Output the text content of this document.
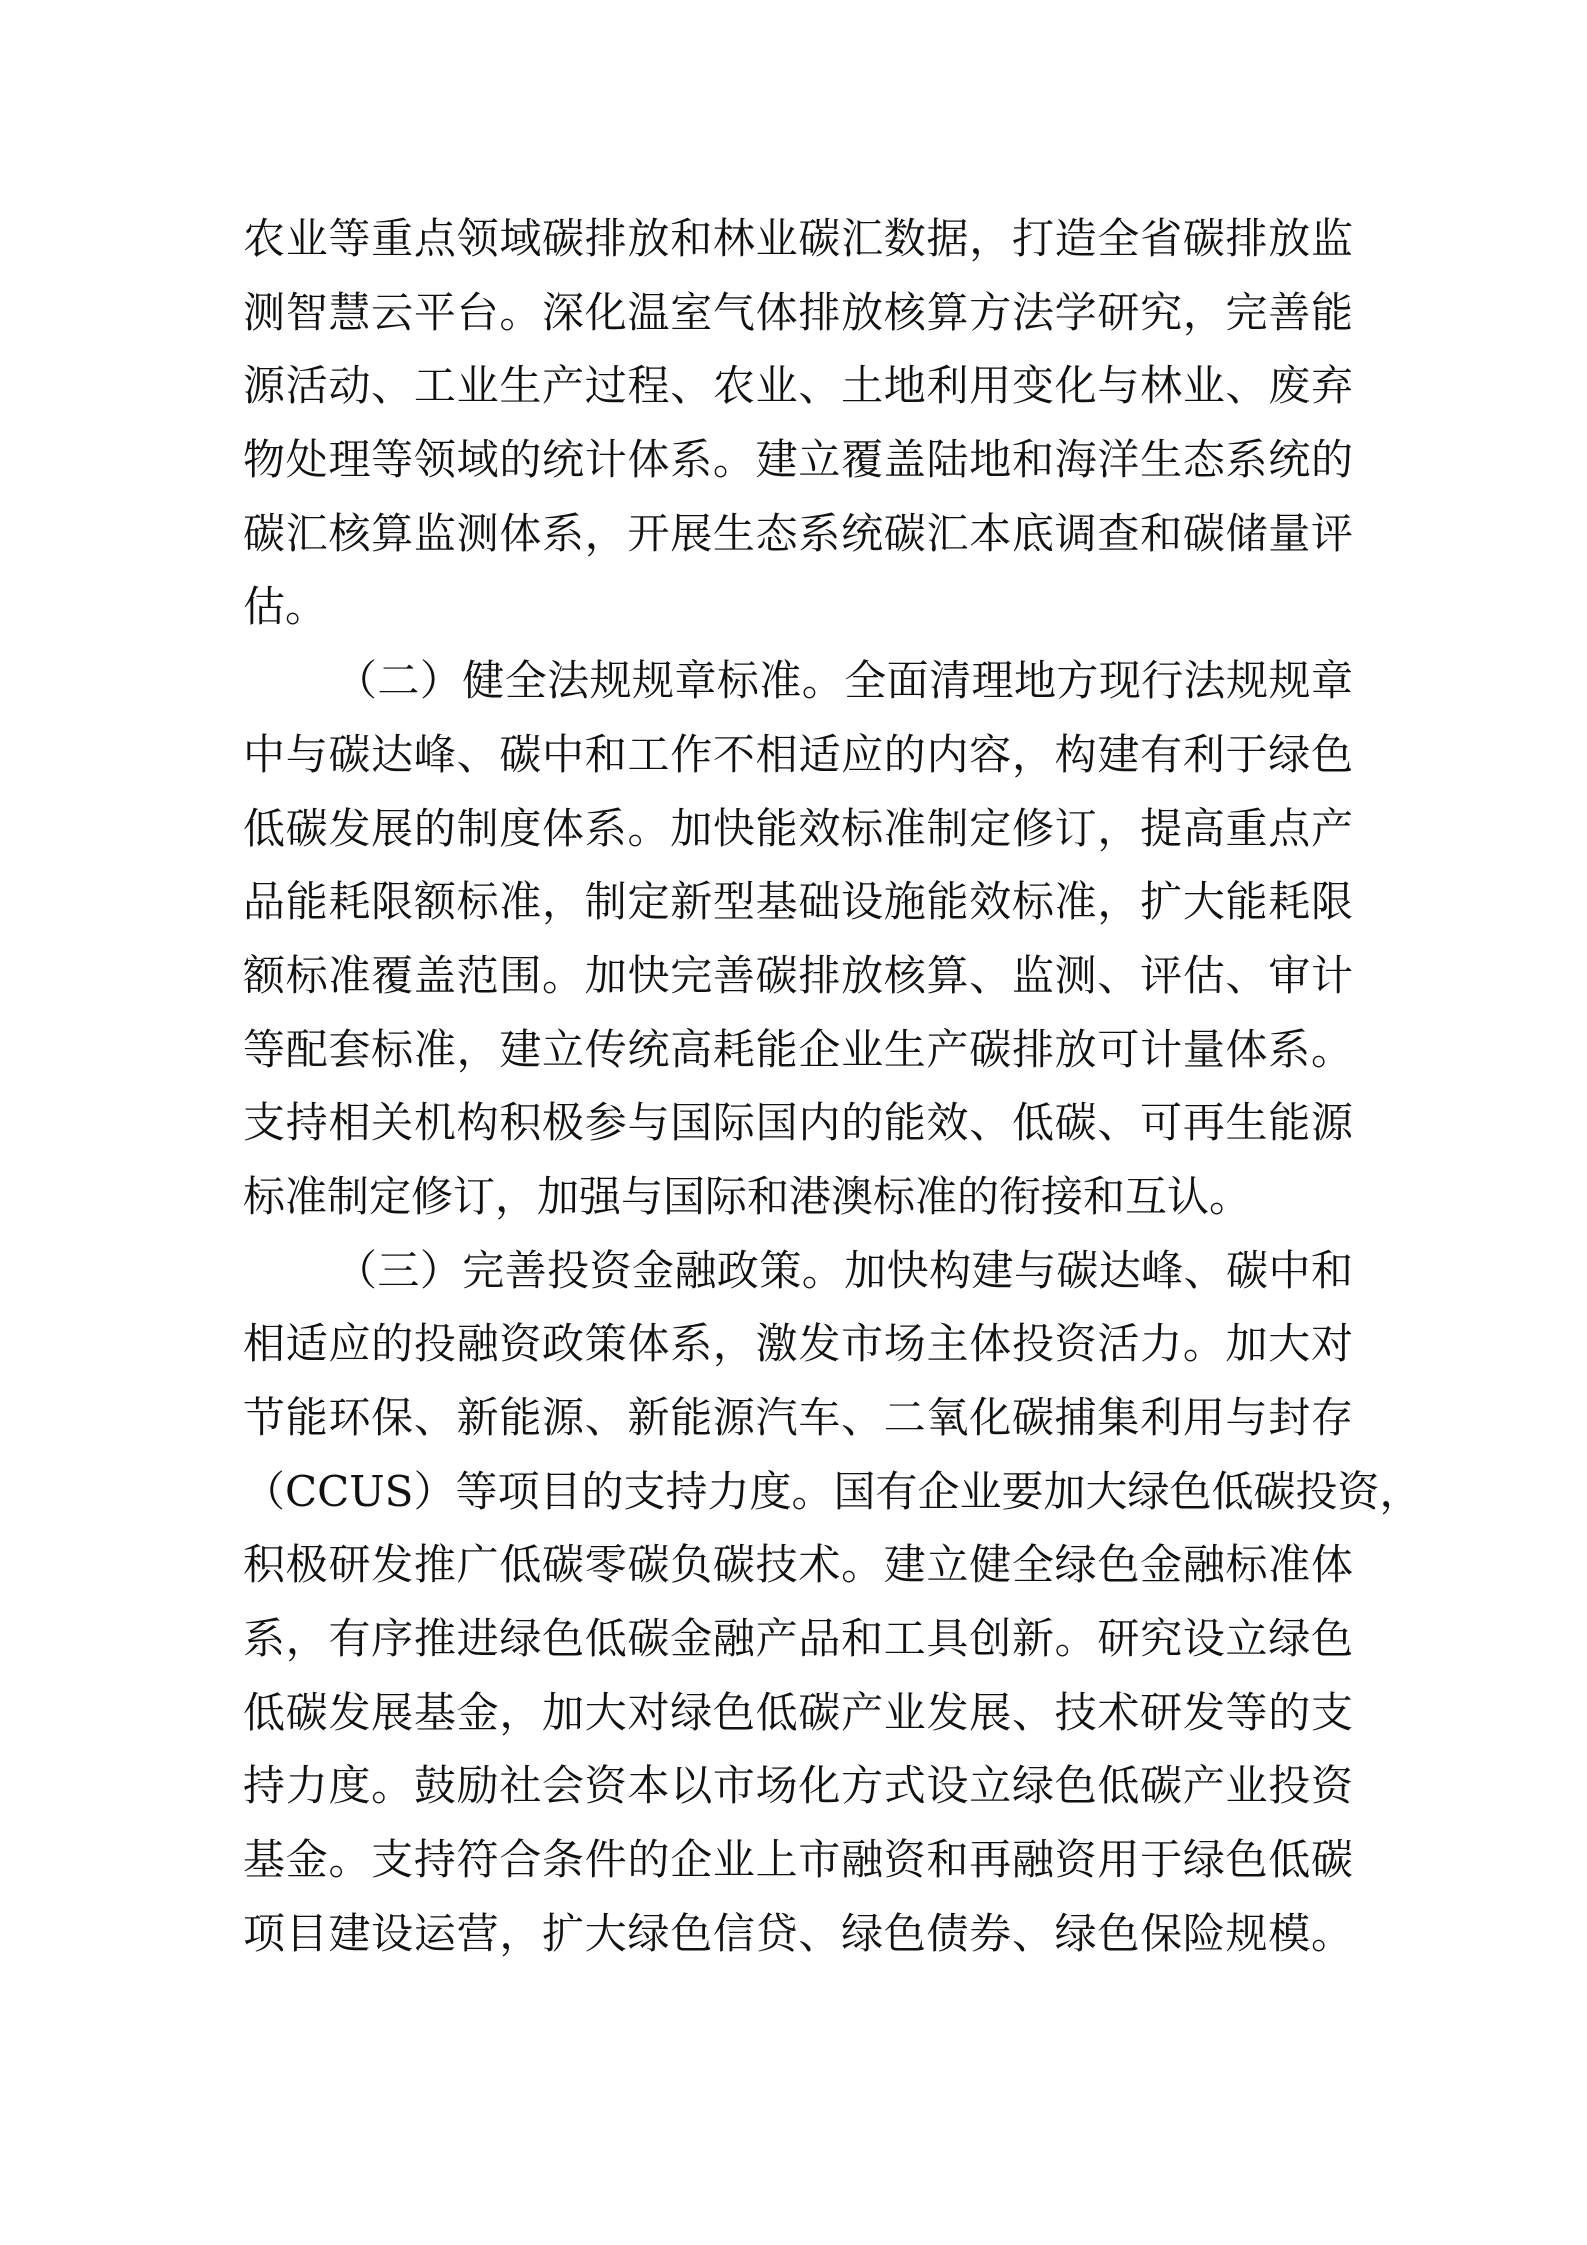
农业等重点领域碳排放和林业碳汇数据，打造全省碳排放监
测智慧云平台。深化温室气体排放核算方法学研究，完善能
源活动、工业生产过程、农业、土地利用变化与林业、废弃
物处理等领域的统计体系。建立覆盖陆地和海洋生态系统的
碳汇核算监测体系，开展生态系统碳汇本底调查和碳储量评
估。
（二）健全法规规章标准。全面清理地方现行法规规章
中与碳达峰、碳中和工作不相适应的内容，构建有利于绿色
低碳发展的制度体系。加快能效标准制定修订，提高重点产
品能耗限额标准，制定新型基础设施能效标准，扩大能耗限
额标准覆盖范围。加快完善碳排放核算、监测、评估、审计
等配套标准，建立传统高耗能企业生产碳排放可计量体系。
支持相关机构积极参与国际国内的能效、低碳、可再生能源
标准制定修订，加强与国际和港澳标准的衔接和互认。
（三）完善投资金融政策。加快构建与碳达峰、碳中和
相适应的投融资政策体系，激发市场主体投资活力。加大对
节能环保、新能源、新能源汽车、二氧化碳捕集利用与封存
（CCUS）等项目的支持力度。国有企业要加大绿色低碳投资，
积极研发推广低碳零碳负碳技术。建立健全绿色金融标准体
系，有序推进绿色低碳金融产品和工具创新。研究设立绿色
低碳发展基金，加大对绿色低碳产业发展、技术研发等的支
持力度。鼓励社会资本以市场化方式设立绿色低碳产业投资
基金。支持符合条件的企业上市融资和再融资用于绿色低碳
项目建设运营，扩大绿色信贷、绿色债券、绿色保险规模。
